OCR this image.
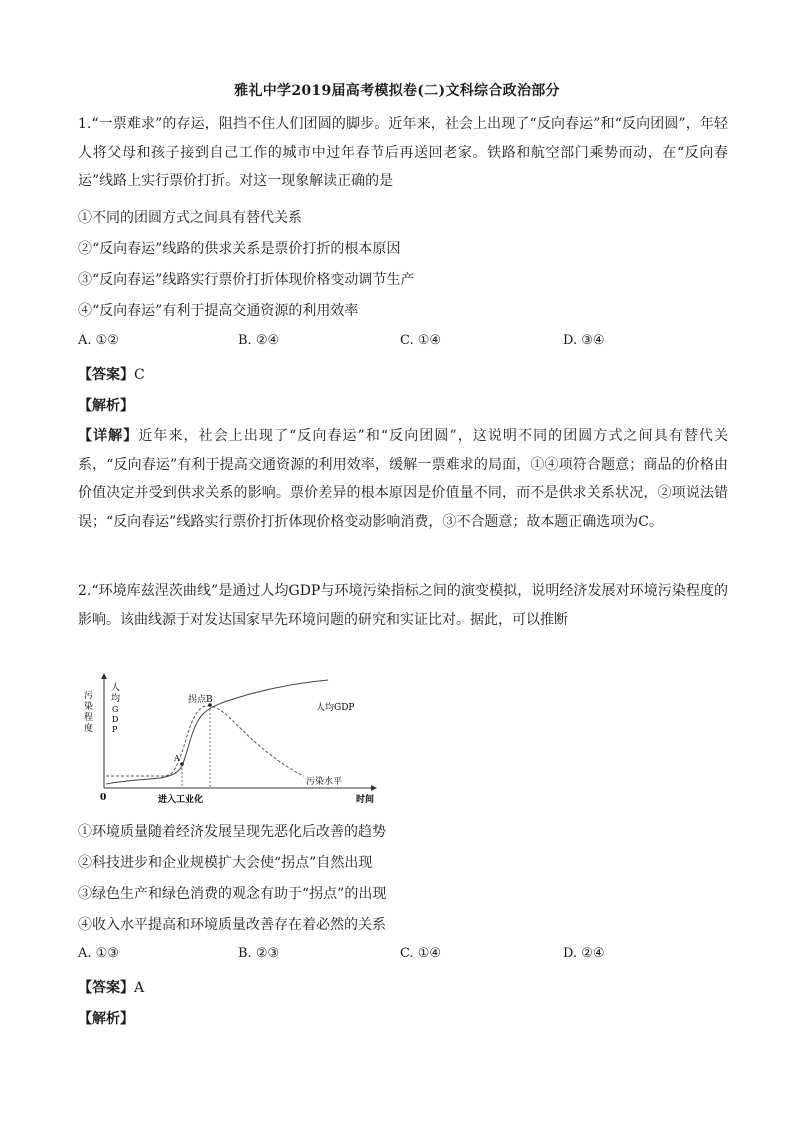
雅礼中学2019届高考模拟卷(二)文科综合政治部分

1.“一票难求”的存运，阻挡不住人们团圆的脚步。近年来，社会上出现了“反向春运”和“反向团圆”，年轻人将父母和孩子接到自己工作的城市中过年春节后再送回老家。铁路和航空部门乘势而动，在“反向春运”线路上实行票价打折。对这一现象解读正确的是

①不同的团圆方式之间具有替代关系
②“反向春运”线路的供求关系是票价打折的根本原因
③“反向春运”线路实行票价打折体现价格变动调节生产
④“反向春运”有利于提高交通资源的利用效率
A. ①②	B. ②④	C. ①④	D. ③④
【答案】C
【解析】

【详解】近年来，社会上出现了“反向春运”和“反向团圆”，这说明不同的团圆方式之间具有替代关系，“反向春运”有利于提高交通资源的利用效率，缓解一票难求的局面，①④项符合题意；商品的价格由价值决定并受到供求关系的影响。票价差异的根本原因是价值量不同，而不是供求关系状况，②项说法错误；“反向春运”线路实行票价打折体现价格变动影响消费，③不合题意；故本题正确选项为C。

2.“环境库兹涅茨曲线”是通过人均GDP与环境污染指标之间的演变模拟，说明经济发展对环境污染程度的影响。该曲线源于对发达国家早先环境问题的研究和实证比对。据此，可以推断

污
染
程
度
人
均
G
D
P
A
拐点B
人均GDP
污染水平
0	进入工业化	时间
①环境质量随着经济发展呈现先恶化后改善的趋势
②科技进步和企业规模扩大会使“拐点”自然出现
③绿色生产和绿色消费的观念有助于“拐点”的出现
④收入水平提高和环境质量改善存在着必然的关系
A. ①③	B. ②③	C. ①④	D. ②④
【答案】A
【解析】
